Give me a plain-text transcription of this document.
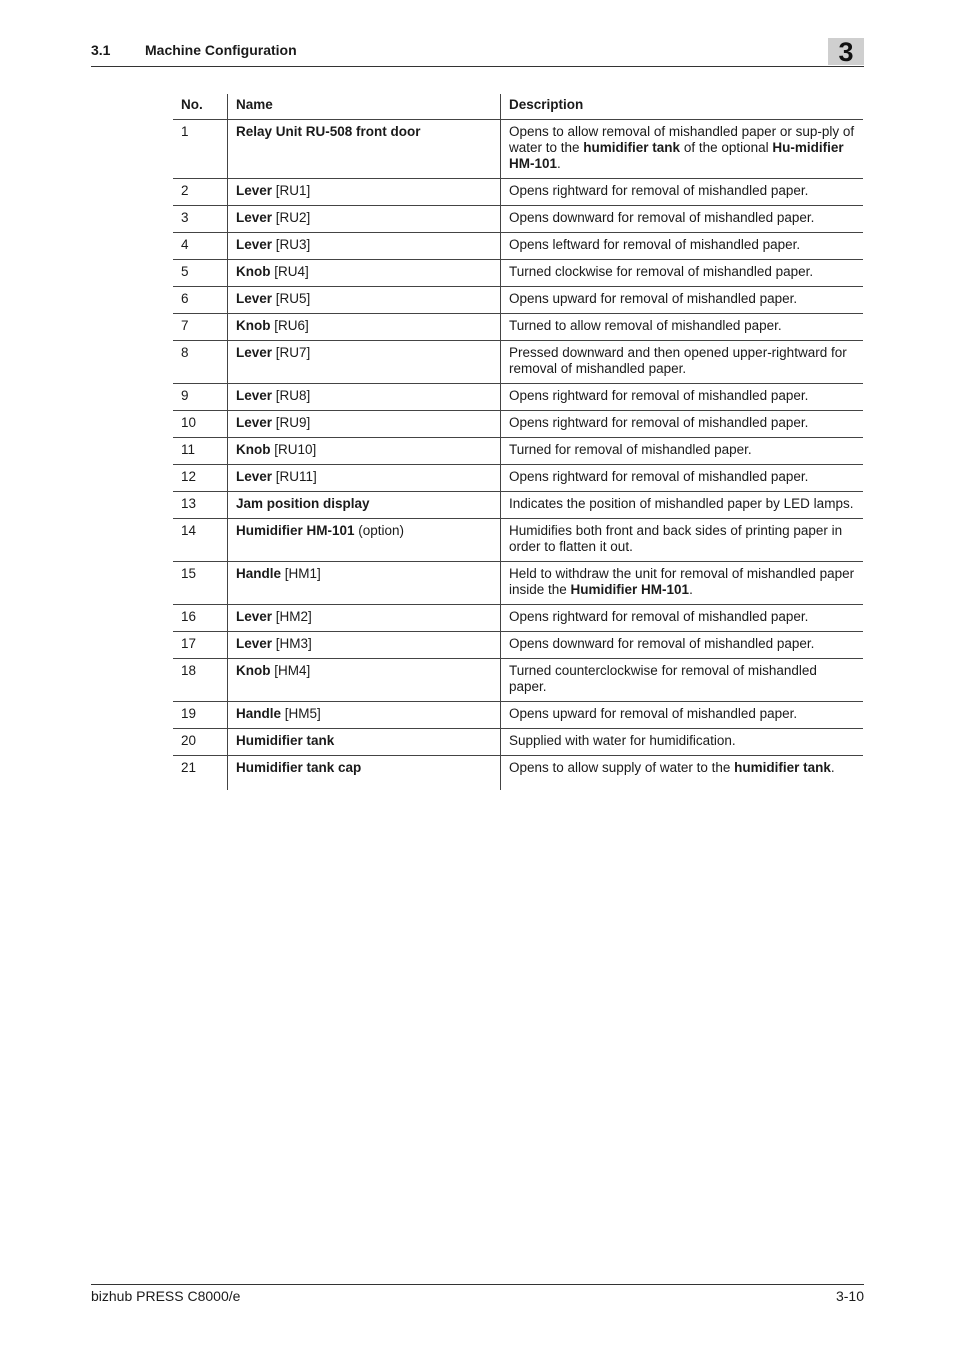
3.1 Machine Configuration	3
No.	Name	Description
1	Relay Unit RU-508 front door	Opens to allow removal of mishandled paper or sup-ply of water to the humidifier tank of the optional Hu-midifier HM-101.
2	Lever [RU1]	Opens rightward for removal of mishandled paper.
3	Lever [RU2]	Opens downward for removal of mishandled paper.
4	Lever [RU3]	Opens leftward for removal of mishandled paper.
5	Knob [RU4]	Turned clockwise for removal of mishandled paper.
6	Lever [RU5]	Opens upward for removal of mishandled paper.
7	Knob [RU6]	Turned to allow removal of mishandled paper.
8	Lever [RU7]	Pressed downward and then opened upper-rightward for removal of mishandled paper.
9	Lever [RU8]	Opens rightward for removal of mishandled paper.
10	Lever [RU9]	Opens rightward for removal of mishandled paper.
11	Knob [RU10]	Turned for removal of mishandled paper.
12	Lever [RU11]	Opens rightward for removal of mishandled paper.
13	Jam position display	Indicates the position of mishandled paper by LED lamps.
14	Humidifier HM-101 (option)	Humidifies both front and back sides of printing paper in order to flatten it out.
15	Handle [HM1]	Held to withdraw the unit for removal of mishandled paper inside the Humidifier HM-101.
16	Lever [HM2]	Opens rightward for removal of mishandled paper.
17	Lever [HM3]	Opens downward for removal of mishandled paper.
18	Knob [HM4]	Turned counterclockwise for removal of mishandled paper.
19	Handle [HM5]	Opens upward for removal of mishandled paper.
20	Humidifier tank	Supplied with water for humidification.
21	Humidifier tank cap	Opens to allow supply of water to the humidifier tank.
bizhub PRESS C8000/e	3-10
